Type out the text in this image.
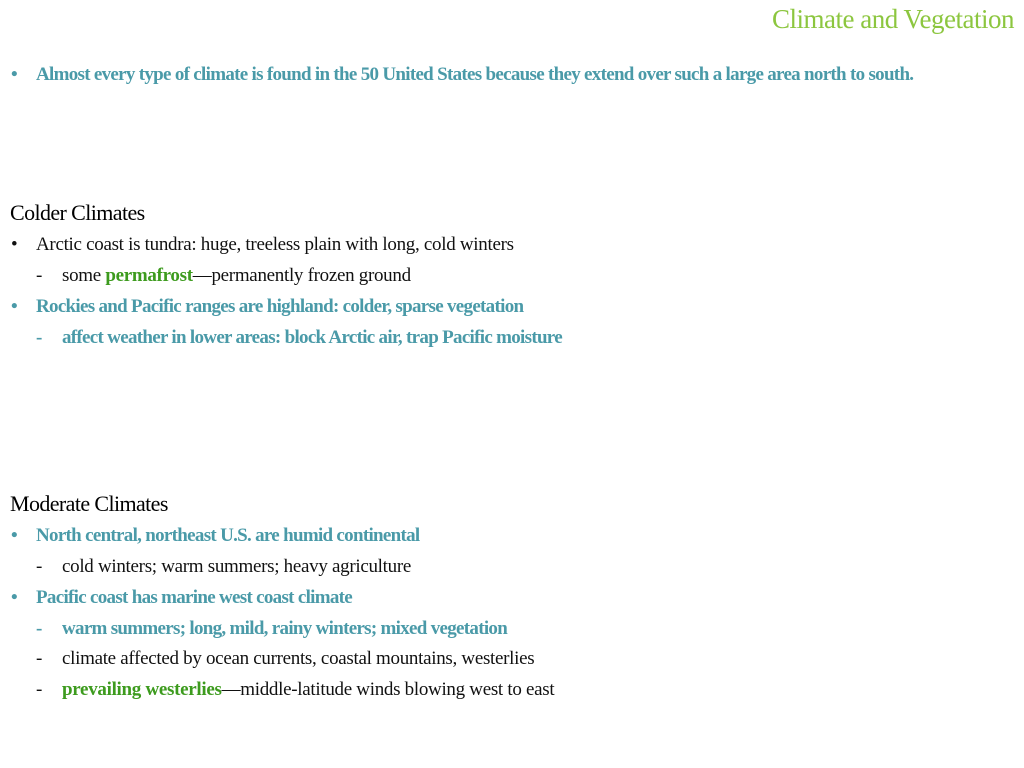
Climate and Vegetation
•	Almost every type of climate is found in the 50 United States because they extend over such a large area north to south.
Colder Climates
• Arctic coast is tundra: huge, treeless plain with long, cold winters
-	some permafrost—permanently frozen ground
•	Rockies and Pacific ranges are highland: colder, sparse vegetation
-	affect weather in lower areas: block Arctic air, trap Pacific moisture
Moderate Climates
•	North central, northeast U.S. are humid continental
-	cold winters; warm summers; heavy agriculture
•	Pacific coast has marine west coast climate
-	warm summers; long, mild, rainy winters; mixed vegetation
-	climate affected by ocean currents, coastal mountains, westerlies
-	prevailing westerlies—middle-latitude winds blowing west to east
